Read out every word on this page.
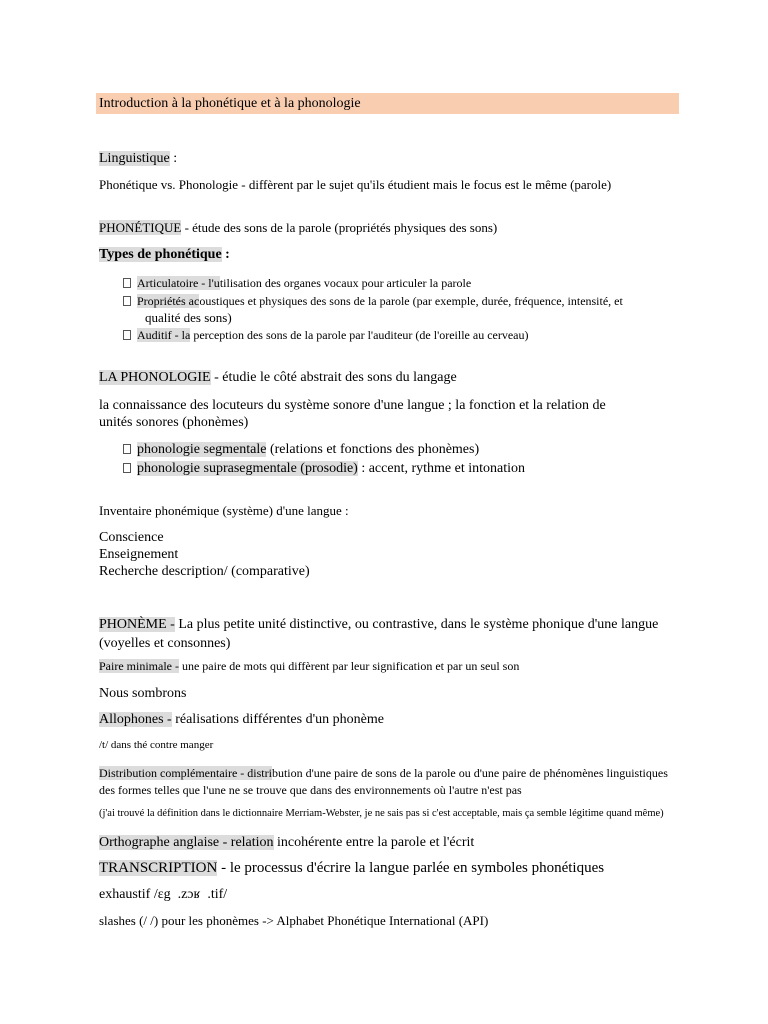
Introduction à la phonétique et à la phonologie
Linguistique :
Phonétique vs. Phonologie - diffèrent par le sujet qu'ils étudient mais le focus est le même (parole)
PHONÉTIQUE - étude des sons de la parole (propriétés physiques des sons)
Types de phonétique :
Articulatoire - l'utilisation des organes vocaux pour articuler la parole
Propriétés acoustiques et physiques des sons de la parole (par exemple, durée, fréquence, intensité, et
qualité des sons)
Auditif - la perception des sons de la parole par l'auditeur (de l'oreille au cerveau)
LA PHONOLOGIE - étudie le côté abstrait des sons du langage
la connaissance des locuteurs du système sonore d'une langue ; la fonction et la relation de
unités sonores (phonèmes)
phonologie segmentale (relations et fonctions des phonèmes)
phonologie suprasegmentale (prosodie) : accent, rythme et intonation
Inventaire phonémique (système) d'une langue :
Conscience
Enseignement
Recherche description/ (comparative)
PHONÈME - La plus petite unité distinctive, ou contrastive, dans le système phonique d'une langue
(voyelles et consonnes)
Paire minimale - une paire de mots qui diffèrent par leur signification et par un seul son
Nous sombrons
Allophones - réalisations différentes d'un phonème
/t/ dans thé contre manger
Distribution complémentaire - distribution d'une paire de sons de la parole ou d'une paire de phénomènes linguistiques
des formes telles que l'une ne se trouve que dans des environnements où l'autre n'est pas
(j'ai trouvé la définition dans le dictionnaire Merriam-Webster, je ne sais pas si c'est acceptable, mais ça semble légitime quand même)
Orthographe anglaise - relation incohérente entre la parole et l'écrit
TRANSCRIPTION - le processus d'écrire la langue parlée en symboles phonétiques
exhaustif /ɛg  .zɔʁ  .tif/
slashes (/ /) pour les phonèmes -> Alphabet Phonétique International (API)
